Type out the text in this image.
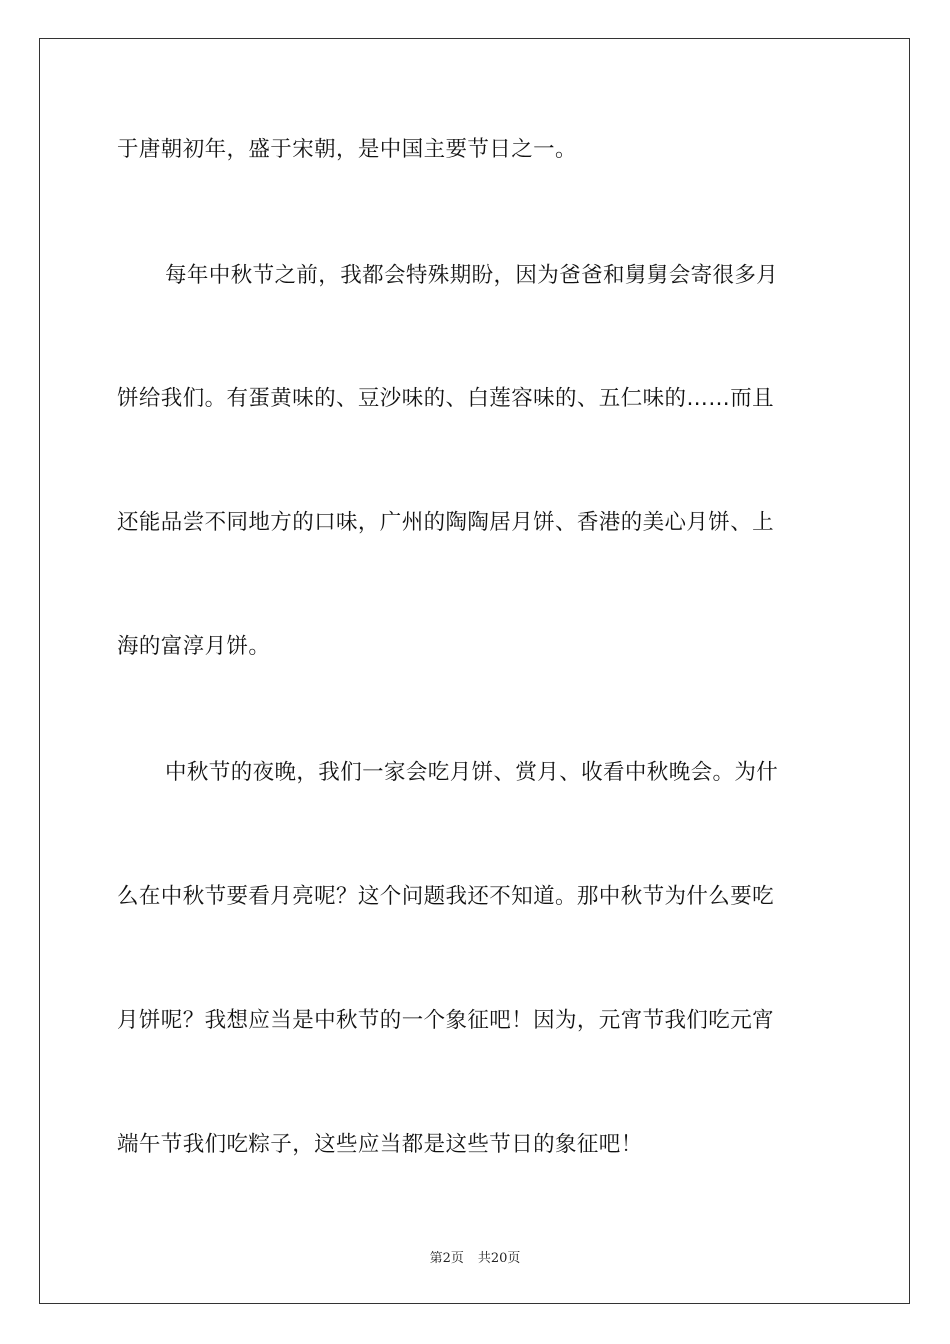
于唐朝初年，盛于宋朝，是中国主要节日之一。

每年中秋节之前，我都会特殊期盼，因为爸爸和舅舅会寄很多月

饼给我们。有蛋黄味的、豆沙味的、白莲容味的、五仁味的……而且

还能品尝不同地方的口味，广州的陶陶居月饼、香港的美心月饼、上

海的富淳月饼。

中秋节的夜晚，我们一家会吃月饼、赏月、收看中秋晚会。为什

么在中秋节要看月亮呢？这个问题我还不知道。那中秋节为什么要吃

月饼呢？我想应当是中秋节的一个象征吧！因为，元宵节我们吃元宵

端午节我们吃粽子，这些应当都是这些节日的象征吧！

第2页 共20页
